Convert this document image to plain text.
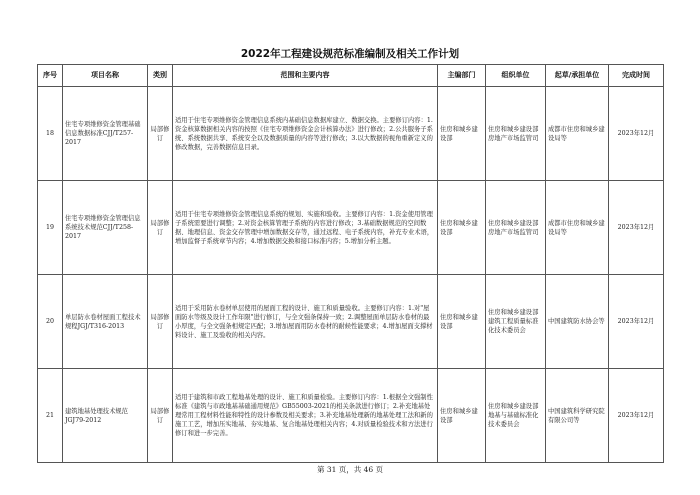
2022年工程建设规范标准编制及相关工作计划
序号	项目名称	类别	范围和主要内容	主编部门	组织单位	起草/承担单位	完成时间
18	住宅专项维修资金管理基础信息数据标准CJJ/T257-2017	局部修订	适用于住宅专项维修资金管理信息系统内基础信息数据库建立、数据交换。主要修订内容：1.资金核算数据相关内容的按照《住宅专项维修资金会计核算办法》进行修改；2.公共服务子系统、系统数据共享、系统安全以及数据质量的内容等进行修改；3.以大数据的视角重新定义的修改数据，完善数据信息目录。	住房和城乡建设部	住房和城乡建设部房地产市场监管司	成都市住房和城乡建设局等	2023年12月
19	住宅专项维修资金管理信息系统技术规范CJJ/T258-2017	局部修订	适用于住宅专项维修资金管理信息系统的规划、实施和验收。主要修订内容：1.资金使用管理子系统需要进行调整；2.对资金核算管理子系统的内容进行修改；3.基础数据规范的空间数据、地理信息、资金交存管理中增加数据交存等，通过远程、电子系统内容，补充专业术语，增加监督子系统章节内容；4.增加数据交换和接口标准内容；5.增加分析主题。	住房和城乡建设部	住房和城乡建设部房地产市场监管司	成都市住房和城乡建设局等	2023年12月
20	单层防水卷材屋面工程技术规程JGJ/T316-2013	局部修订	适用于采用防水卷材单层使用的屋面工程的设计、施工和质量验收。主要修订内容：1.对"屋面防水等级及设计工作年限"进行修订，与全文强条保持一致；2.调整屋面单层防水卷材的最小厚度，与全文强条相规定匹配；3.增加屋面用防水卷材的耐候性能要求；4.增加屋面支撑材料设计、施工及验收的相关内容。	住房和城乡建设部	住房和城乡建设部建筑工程质量标准化技术委员会	中国建筑防水协会等	2023年12月
21	建筑地基处理技术规范JGJ79-2012	局部修订	适用于建筑和市政工程地基处理的设计、施工和质量检验。主要修订内容：1.根据全文强制性标准《建筑与市政地基基础通用规范》GB55003-2021的相关条款进行修订；2.补充地基处理常用工程材料性能和特性的设计参数及相关要求；3.补充地基处理新的地基处理工法和新的施工工艺，增加压实地基、夯实地基、复合地基处理相关内容；4.对质量检验技术和方法进行修订和进一步完善。	住房和城乡建设部	住房和城乡建设部地基与基础标准化技术委员会	中国建筑科学研究院有限公司等	2023年12月
第 31 页，共 46 页
